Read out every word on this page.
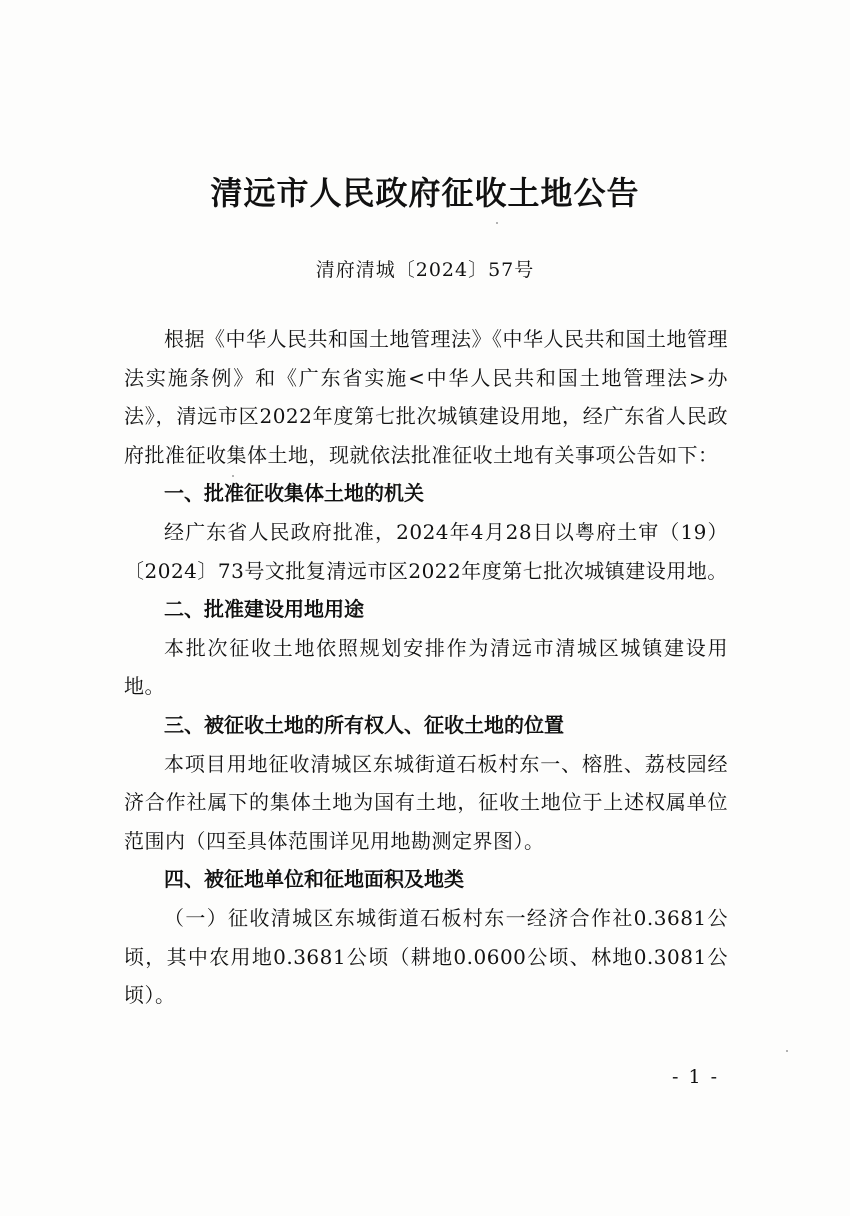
清远市人民政府征收土地公告
清府清城〔2024〕57号

根据《中华人民共和国土地管理法》《中华人民共和国土地管理法实施条例》和《广东省实施<中华人民共和国土地管理法>办法》，清远市区2022年度第七批次城镇建设用地，经广东省人民政府批准征收集体土地，现就依法批准征收土地有关事项公告如下：

一、批准征收集体土地的机关

经广东省人民政府批准，2024年4月28日以粤府土审（19）〔2024〕73号文批复清远市区2022年度第七批次城镇建设用地。

二、批准建设用地用途

本批次征收土地依照规划安排作为清远市清城区城镇建设用地。

三、被征收土地的所有权人、征收土地的位置

本项目用地征收清城区东城街道石板村东一、榕胜、荔枝园经济合作社属下的集体土地为国有土地，征收土地位于上述权属单位范围内（四至具体范围详见用地勘测定界图）。

四、被征地单位和征地面积及地类

（一）征收清城区东城街道石板村东一经济合作社0.3681公顷，其中农用地0.3681公顷（耕地0.0600公顷、林地0.3081公顷）。

- 1 -
